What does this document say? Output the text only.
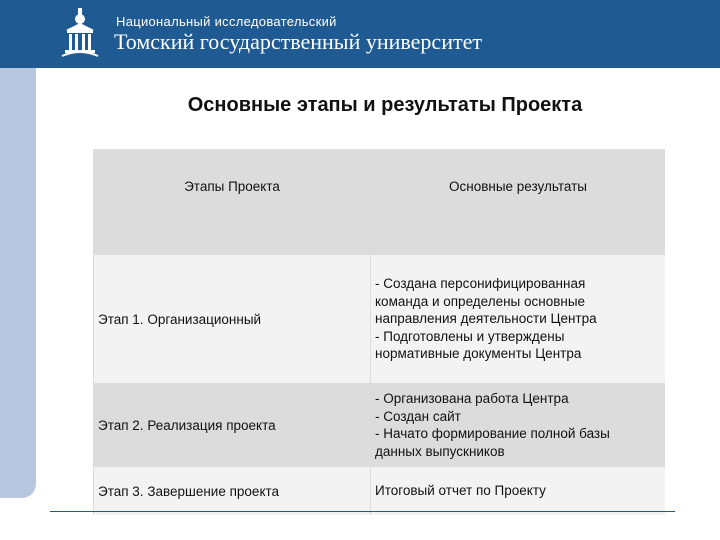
Национальный исследовательский
Томский государственный университет
Основные этапы и результаты Проекта
Этапы Проекта	Основные результаты
Этап 1. Организационный	- Создана персонифицированная
команда и определены основные
направления деятельности Центра
- Подготовлены и утверждены
нормативные документы Центра

Этап 2. Реализация проекта	- Организована работа Центра
- Создан сайт
- Начато формирование полной базы
данных выпускников

Этап 3. Завершение проекта	Итоговый отчет по Проекту
